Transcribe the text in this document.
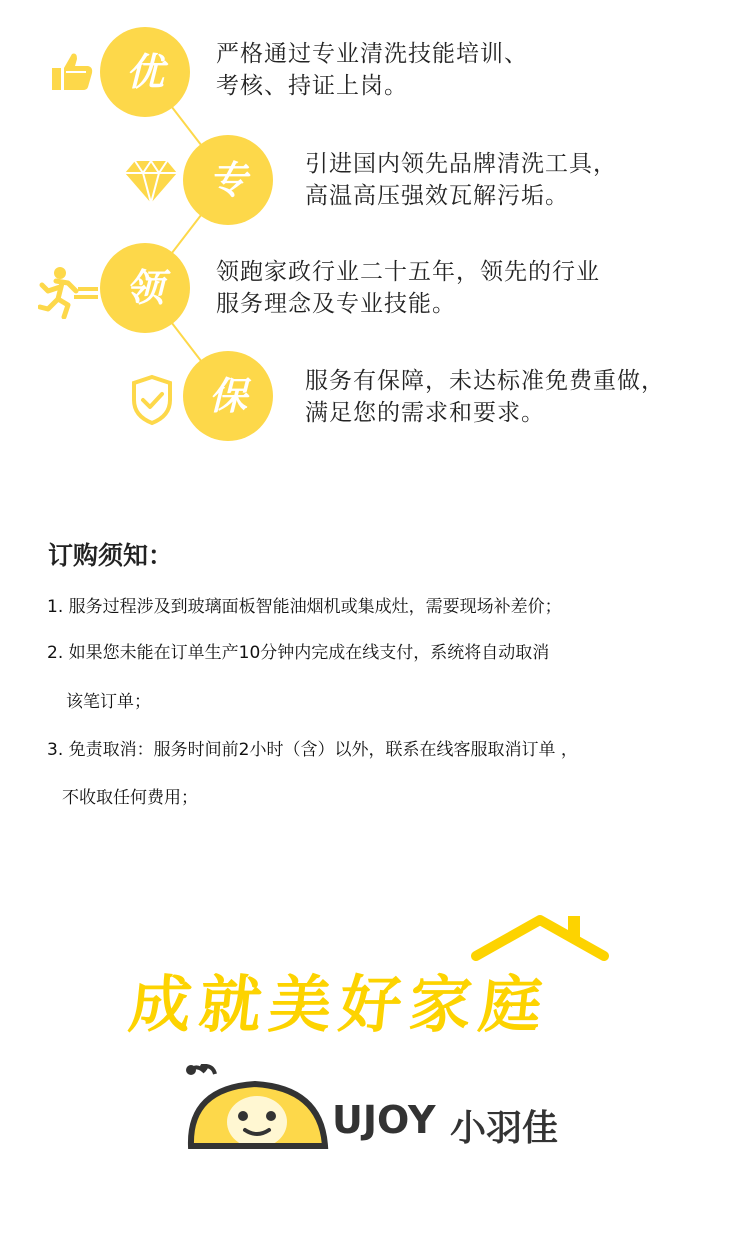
优 严格通过专业清洗技能培训、
考核、持证上岗。
专	引进国内领先品牌清洗工具，
高温高压强效瓦解污垢。
领 领跑家政行业二十五年，领先的行业
服务理念及专业技能。
保	服务有保障，未达标准免费重做，
满足您的需求和要求。
订购须知：
1. 服务过程涉及到玻璃面板智能油烟机或集成灶，需要现场补差价；
2. 如果您未能在订单生产10分钟内完成在线支付，系统将自动取消
该笔订单；
3. 免责取消：服务时间前2小时（含）以外，联系在线客服取消订单 ，
不收取任何费用；
成就美好家庭
UJOY 小羽佳
